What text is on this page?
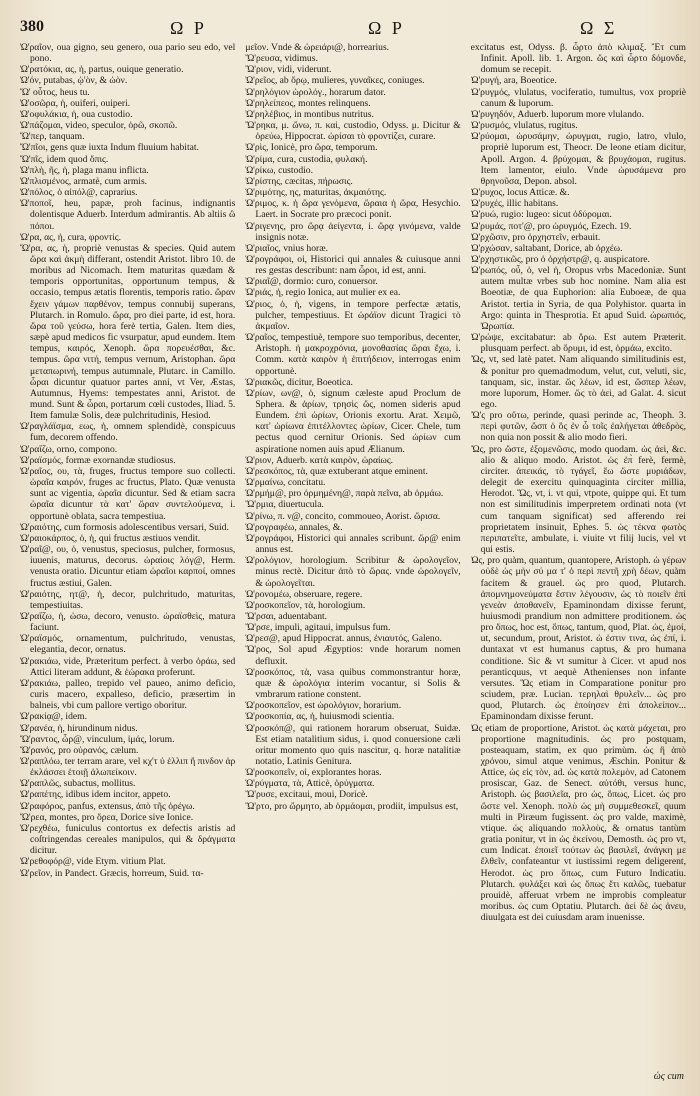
380	Ω Ρ	Ω Ρ	Ω Σ

Ὠ'ραῖον, oua gigno, seu genero, oua pario seu edo, vel pono.

Ὠ'ρατόκια, ας, ἡ, partus, ouique generatio.

Ὠ'όν, putabas, ᾠ'ὸν, & ὠὸν.

Ὤ' οὗτος, heus tu.

Ὠ'οσῶρα, ἡ, ouiferi, ouiperi.

Ὠ'οφυλάκια, ἡ, oua custodio.

Ὠ'πάζομαι, video, speculor, ὁρῶ, σκοπῶ.

Ὤ'περ, tanquam.

Ὤ'πῖοι, gens quæ iuxta Indum fluuium habitat.

Ὤ'πῖς, idem quod ὄπις.

Ὠ'πλὴ, ῆς, ἡ, plaga manu inflicta.

Ὠ'πλισμένος, armatè, cum armis.

Ὠ'πόλος, ὁ αἰπόλ@, caprarius.

Ὠ'ποποῖ, heu, papæ, proh facinus, indignantis dolentisque Aduerb. Interdum admirantis. Ab altiis ὢ πόποι.

Ὠ'ρα, ας, ἡ, cura, φροντίς.

Ὥ'ρα, ας, ἡ, propriè venustas & species. Quid autem ὥρα καὶ ἀκμὴ differant, ostendit Aristot. libro 10. de moribus ad Nicomach. Item maturitas quædam & temporis opportunitas, opportunum tempus, & occasio, tempus ætatis florentis, temporis ratio. ὥραν ἔχειν γάμων παρθένον, tempus connubij superans, Plutarch. in Romulo. ὥρα, pro diei parte, id est, hora. ὥρα τοῦ γεύσω, hora ferè tertia, Galen. Item dies, sæpè apud medicos fic vsurpatur, apud eundem. Item tempus, καιρός, Xenoph. ὥρα πορευέσθαι, &c. tempus. ὥρα νιτή, tempus vernum, Aristophan. ὥρα μεταπωρινή, tempus autumnale, Plutarc. in Camillo. ὧραι dicuntur quatuor partes anni, vt Ver, Æstas, Autumnus, Hyems: tempestates anni, Aristot. de mund. Sunt & ὧραι, portarum cœli custodes, Iliad. 5. Item famulæ Solis, deæ pulchritudinis, Hesiod.

Ὠ'ραγλάϊσμα, εως, ἡ, omnem splendidè, conspicuus fum, decorem offendo.

Ὠ'ραΐζω, orno, compono.

Ὠ'ραϊσμός, formæ exornandæ studiosus.

Ὡ'ραῖος, ου, τὰ, fruges, fructus tempore suo collecti. ὡραῖα καιρόν, fruges ac fructus, Plato. Quæ venusta sunt ac vigentia, ὡραῖα dicuntur. Sed & etiam sacra ὡραῖα dicuntur τὰ κατ' ὥραν συντελούμενα, i. opportunè oblata, sacra tempestiua.

Ὡ'ραιότης, cum formosis adolescentibus versari, Suid.

Ὡ'ραιοκάρπος, ὁ, ἡ, qui fructus æstiuos vendit.

Ὡ'ραῖ@, ου, ὁ, venustus, speciosus, pulcher, formosus, iuuenis, maturus, decorus. ὡραίοις λόγ@, Herm. venusta oratio. Dicuntur etiam ὡραῖοι καρποί, omnes fructus æstiui, Galen.

Ὡ'ραιότης, ητ@, ἡ, decor, pulchritudo, maturitas, tempestiuitas.

Ὡ'ραΐζω, ἡ, ὠσω, decoro, venusto. ὡραϊσθεὶς, matura faciunt.

Ὡ'ραϊσμός, ornamentum, pulchritudo, venustas, elegantia, decor, ornatus.

Ὡ'ρακιάω, vide, Præteritum perfect. à verbo ὁράω, sed Attici literam addunt, & ἑώρακα proferunt.

Ὡ'ρακιάω, palleo, trepido vel paueo, animo deficio, curis macero, expalleso, deficio, præsertim in balneis, vbi cum pallore vertigo oboritur.

Ὠ'ρακίᾳ@, idem.

Ὠ'ρανέα, ἡ, hirundinum nidus.

Ὤ'ραντος, ὦρ@, vinculum, ἱμάς, lorum.

Ὤ'ρανός, pro οὐρανός, cælum.

Ὡ'ραπλόω, ter terram arare, vel κχ'τ ὑ ἑλλιπ ἤ πινδον ἀρ ἐκλάσσει ἑτοιῇ ἀλωπείκοιν.

Ὠ'ραπλῶς, subactus, mollitus.

Ὡ'ραπέτης, idibus idem incitor, appeto.

Ὡ'ραφόρος, panfus, extensus, ἀπὸ τῆς ὀρέγω.

Ὤ'ρεα, montes, pro ὄρεα, Dorice sive Ionice.

Ὡ'ρεχθέω, funiculus contortus ex defectis aristis ad coſtringendas cereales manipulos, qui & δράγματα dicitur.

Ὠ'ρεθοφόρ@, vide Etym. vitium Plat.

Ὠ'ρεῖον, in Pandect. Græcis, horreum, Suid. τα-

μεῖον. Vnde & ὡρειάρι@, horrearius.

Ὤ'ρευσα, vidimus.

Ὤ'ριον, vidi, viderunt.

Ὠ'ρεῖος, ab ὄρῳ, mulieres, γυναῖκες, coniuges.

Ὠ'ρηλόγιον ὡρολόγ., horarum dator.

Ὠ'ρηλείπεος, montes relinquens.

Ὠ'ρηλέβιος, in montibus nutritus.

Ὤ'ρηκα, μ. ὤνω, π. καὶ, custodio, Odyss. μ. Dicitur & ὀρεύω, Hippocrat. ὠρίσαι τὸ φροντίζει, curare.

Ὠ'ρὶς, Ionicè, pro ὥρα, temporum.

Ὠ'ρίμα, cura, custodia, φυλακή.

Ὡ'ρίκω, custodio.

Ὠ'ρίστης, cæcitas, πήρωσις.

Ὡ'ριμότης, ης, maturitas, ἀκμαιότης.

Ὡ'ριμος, κ. ἡ ὥρα γενόμενα, ὥραια ἡ ὥρα, Hesychio. Laert. in Socrate pro præcoci ponit.

Ὡ'ριγενης, pro ὥρᾳ ἀείγεντα, i. ὥρᾳ γινόμενα, valde insignis notæ.

Ὠ'ριαῖος, vnius horæ.

Ὡ'ρογράφοι, οἱ, Historici qui annales & cuiusque anni res gestas describunt: nam ὧροι, id est, anni.

Ὠ'ριαῖ@, dormio: curo, conuersor.

Ὠ'ριάς, ἡ, regio Ionica, aut mulier ex ea.

Ὡ'ριος, ὁ, ἡ, vigens, in tempore perfectæ ætatis, pulcher, tempestiuus. Et ὡράϊον dicunt Tragici τὸ ἀκμαῖον.

Ὡ'ραῖος, tempestiuè, tempore suo temporibus, decenter, Aristoph. ἡ μακροχρόνια, μονοθασίας ὥραι ἔχω, i. Comm. κατὰ καιρὸν ἡ ἐπιτήδειον, interrogas enim opportunè.

Ὡ'ριακῶς, dicitur, Boeotica.

Ὠ'ρίων, ων@, ὁ, signum cæleste apud Proclum de Sphera. & ἀρίων, τρησὶς ὥς, nomen sideris apud Eundem. ἐπὶ ὠρίων, Orionis exortu. Arat. Χειμῶ, κατ' ὠρίωνα ἐπιτέλλοντες ὠρίων, Cicer. Chele, tum pectus quod cernitur Orionis. Sed ὠρίων cum aspiratione nomen auis apud Ælianum.

Ὡ'ριον, Aduerb. κατὰ καιρὸν, ὡραίως.

Ὡ'ρεσκόπος, τὰ, quæ extuberant atque eminent.

Ὡ'ρμαίνω, concitatu.

Ὡ'ρμήμ@, pro ὁρμημένη@, παρὰ πεῖνα, ab ὁρμάω.

Ὤ'ρμια, diuertucula.

Ὠ'ρίνω, π. ν@, concito, commoueo, Aorist. ὤρισα.

Ὡ'ρογραφέω, annales, &.

Ὠ'ρογράφοι, Historici qui annales scribunt. ὥρ@ enim annus est.

Ὡ'ρολόγιον, horologium. Scribitur & ὡρολογεῖον, minus rectè. Dicitur ἀπὸ τὸ ὥρας. vnde ὡρολογεῖν, & ὡρολογεῖται.

Ὡ'ρονομέω, obseruare, regere.

Ὡ'ροσκοπεῖον, τὰ, horologium.

Ὥ'ρσαι, aduentabant.

Ὤ'ρσε, impuli, agitaui, impulsus fum.

Ὡ'ρεσ@, apud Hippocrat. annus, ἐνιαυτός, Galeno.

Ὤ'ρος, Sol apud Ægyptios: vnde horarum nomen defluxit.

Ὡ'ροσκόπος, τὰ, vasa quibus commonstrantur horæ, quæ & ὡρολόγια interim vocantur, si Solis & vmbrarum ratione constent.

Ὡ'ροσκοπεῖον, est ὡρολόγιον, horarium.

Ὡ'ροσκοπία, ας, ἡ, huiusmodi scientia.

Ὡ'ροσκόπ@, qui rationem horarum obseruat, Suidæ. Est etiam natalitium sidus, i. quod conuersione cæli oritur momento quo quis nascitur, q. horæ natalitiæ notatio, Latinis Genitura.

Ὡ'ροσκοπεῖν, οἱ, explorantes horas.

Ὡ'ρύγματα, τὰ, Atticè, ὀρύγματα.

Ὤ'ρυσε, excitaui, moui, Doricè.

Ὤ'ρτο, pro ὤρμητο, ab ὁρμάομαι, prodiit, impulsus est,

excitatus est, Odyss. β. ὦρτο ἀπὸ κλιμαξ. Ἔτ cum Infinit. Apoll. lib. 1. Argon. ὥς καὶ ὦρτο δόμονδε, domum se recepit.

Ὠ'ρυγή, ara, Boeotice.

Ὠ'ρυγμός, vlulatus, vociferatio, tumultus, vox propriè canum & luporum.

Ὠ'ρυγηδόν, Aduerb. luporum more vlulando.

Ὠ'ρυσμός, vlulatus, rugitus.

Ὠ'ρύομαι, ὠρυσάμην, ὠρυγμαι, rugio, latro, vlulo, propriè luporum est, Theocr. De leone etiam dicitur, Apoll. Argon. 4. βρύχομαι, & βρυχάομαι, rugitus. Item lamentor, eiulo. Vnde ὠρυσάμενα pro θρηνοῦσα, Depon. absol.

Ὠ'ρυχος, locus Atticæ. &.

Ὠ'ρυχές, illic habitans.

Ὠ'ρυώ, rugio: lugeo: sicut ὀδύρομαι.

Ὠ'ρυμάς, ποτ'@, pro ὠρυγμός, Ezech. 19.

Ὠ'ρχῶσιν, pro ὀρχηστεῖν, erbauit.

Ὠ'ρχώσαν, saltabant, Dorice, ab ὀρχέω.

Ὠ'ρχηστικῶς, pro ὁ ὀρχήστρ@, q. auspicatore.

Ὡ'ρωπός, οὖ, ὁ, vel ἡ, Oropus vrbs Macedoniæ. Sunt autem multæ vrbes sub hoc nomine. Nam alia est Boeotiæ, de qua Euphorion: alia Euboeæ, de qua Aristot. tertia in Syria, de qua Polyhistor. quarta in Argo: quinta in Thesprotia. Et apud Suid. ὠρωπιός, Ὠρωπία.

Ὠ'ρώψε, excitabatur: ab ὄρω. Est autem Præterit. plusquam perfect. ab ὄρυμι, id est, ὀρμάω, excito.

Ὥς, vt, sed latè patet. Nam aliquando similitudinis est, & ponitur pro quemadmodum, velut, cut, veluti, sic, tanquam, sic, instar. ὥς λέων, id est, ὥσπερ λέων, more luporum, Homer. ὥς τὸ ἀεὶ, ad Galat. 4. sicut ego.

Ὥ'ς pro οὕτω, perinde, quasi perinde ac, Theoph. 3. περὶ φυτῶν, ὥσπ ὁ ὃς ἐν ὧ τοῖς ἐαλήγεται ἀθεδρὸς, non quia non possit & alio modo fieri.

Ὥς, pro ὥστε, ἐξομενῶσις, modo quodam. ὡς ἀεὶ, &c. alio & aliquo modo. Aristot. ὡς ἐπ̀ ferè, fermè, circiter. ἀπεικάς, τὸ τγάγεῖ, ἔω ὥστε μυριάδων, delegit de exercitu quinquaginta circiter millia, Herodot. Ὥς, vt, i. vt qui, vtpote, quippe qui. Et tum non est similitudinis imperpretem ordinati nota (vt cum tanquam significat) sed afferendo rei proprietatem insinuit, Ephes. 5. ὡς τέκνα φωτὸς περιπατεῖτε, ambulate, i. viuite vt filij lucis, vel vt qui estis.

Ὡς, pro quàm, quantum, quantopere, Aristoph. ὡ γέρων οὐδὲ ὡς μὴν σύ μα τ' ὁ περὶ πεντῆ χρὴ δέων, quàm facitem & grauel. ὡς pro quod, Plutarch. ἀπομνημονεύματα ἔστιν λέγουσιν, ὡς τὸ ποιεῖν ἐπὶ γενεὰν ἀποθανεῖν, Epaminondam dixisse ferunt, huiusmodi prandium non admittere proditionem. ὡς pro ὅπως, hoc est, ὅπως, tantum, quod, Plat. ὡς, ἐμοί, ut, secundum, prout, Aristot. ὡ ἐστιν τινα, ὡς ἐπί, i. duntaxat vt est humanus captus, & pro humana conditione. Sic & vt sumitur à Cicer. vt apud nos peranticquus, vt aequè Athenienses non infante versutes. Ὥς etiam in Comparatione ponitur pro sciudem, præ. Lucian. τερηλαὶ θρυλεῖν... ὡς pro quod, Plutarch. ὡς ἐποίησεν ἐπὶ ἀπολείπον... Epaminondam dixisse ferunt.

Ὡς etiam de proportione, Aristot. ὡς κατὰ μάχεται, pro proportione magnitudinis. ὡς pro postquam, posteaquam, statim, ex quo primùm. ὡς ἢ ἀπὸ χρόνου, simul atque venimus, Æschin. Ponitur & Attice, ὡς εἰς τὸν, ad. ὡς κατὰ πολεμὸν, ad Catonem prosiscar, Gaz. de Senect. αὐτόθι, versus hunc, Aristoph. ὡς βασιλεῖα, pro ὡς, ὅπως, Licet. ὡς pro ὥστε vel. Xenoph. πολὺ ὡς μὴ συμμεθεσκεῖ, quum multi in Piræum fugissent. ὡς pro valde, maximè, vtique. ὡς aliquando πολλοὺς, & ornatus tantùm gratia ponitur, vt in ὡς ἐκείνου, Demosth. ὡς pro vt, cum Indicat. ἐποιεῖ τούτων ὡς βασιλεῖ, ἀνάγκη με ἔλθεῖν, confateantur vt iustissimi regem deligerent, Herodot. ὡς pro ὅπως, cum Futuro Indicatiu. Plutarch. φυλάξει καὶ ὡς ὄπως ἔτι καλῶς, tuebatur prouidè, afferuat vrbem ne improbis compleatur moribus. ὡς cum Optatiu. Plutarch. ἀεὶ δὲ ὡς ἀνευ, diuulgata est dei cuiusdam aram inuenisse.

ὡς cum
